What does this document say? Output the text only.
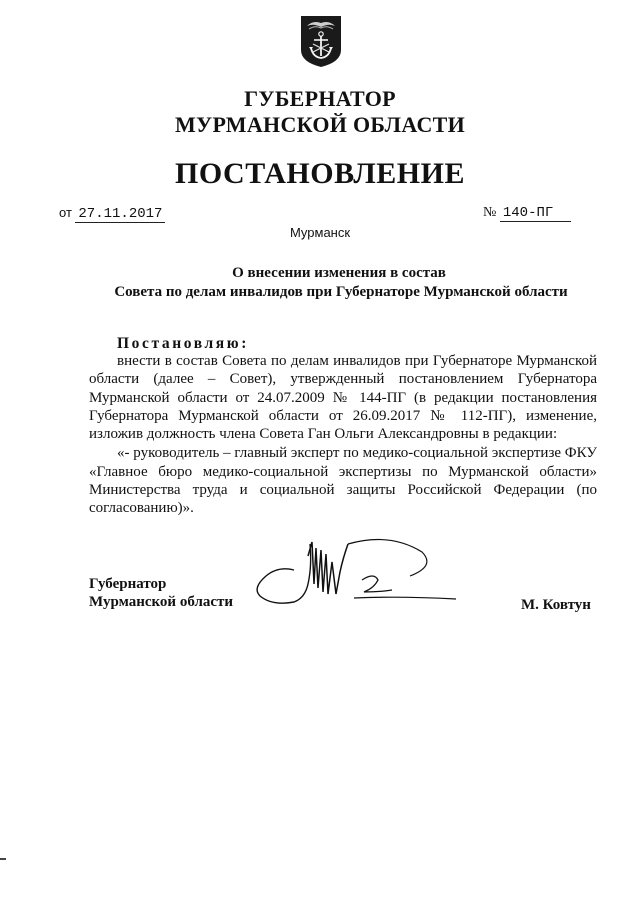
ГУБЕРНАТОР
МУРМАНСКОЙ ОБЛАСТИ
ПОСТАНОВЛЕНИЕ
от 27.11.2017	№ 140-ПГ
Мурманск
О внесении изменения в состав
Совета по делам инвалидов при Губернаторе Мурманской области
Постановляю:

внести в состав Совета по делам инвалидов при Губернаторе Мурманской области (далее – Совет), утвержденный постановлением Губернатора Мурманской области от 24.07.2009 № 144-ПГ (в редакции постановления Губернатора Мурманской области от 26.09.2017 № 112-ПГ), изменение, изложив должность члена Совета Ган Ольги Александровны в редакции:

«- руководитель – главный эксперт по медико-социальной экспертизе ФКУ «Главное бюро медико-социальной экспертизы по Мурманской области» Министерства труда и социальной защиты Российской Федерации (по согласованию)».

Губернатор
Мурманской области	М. Ковтун
